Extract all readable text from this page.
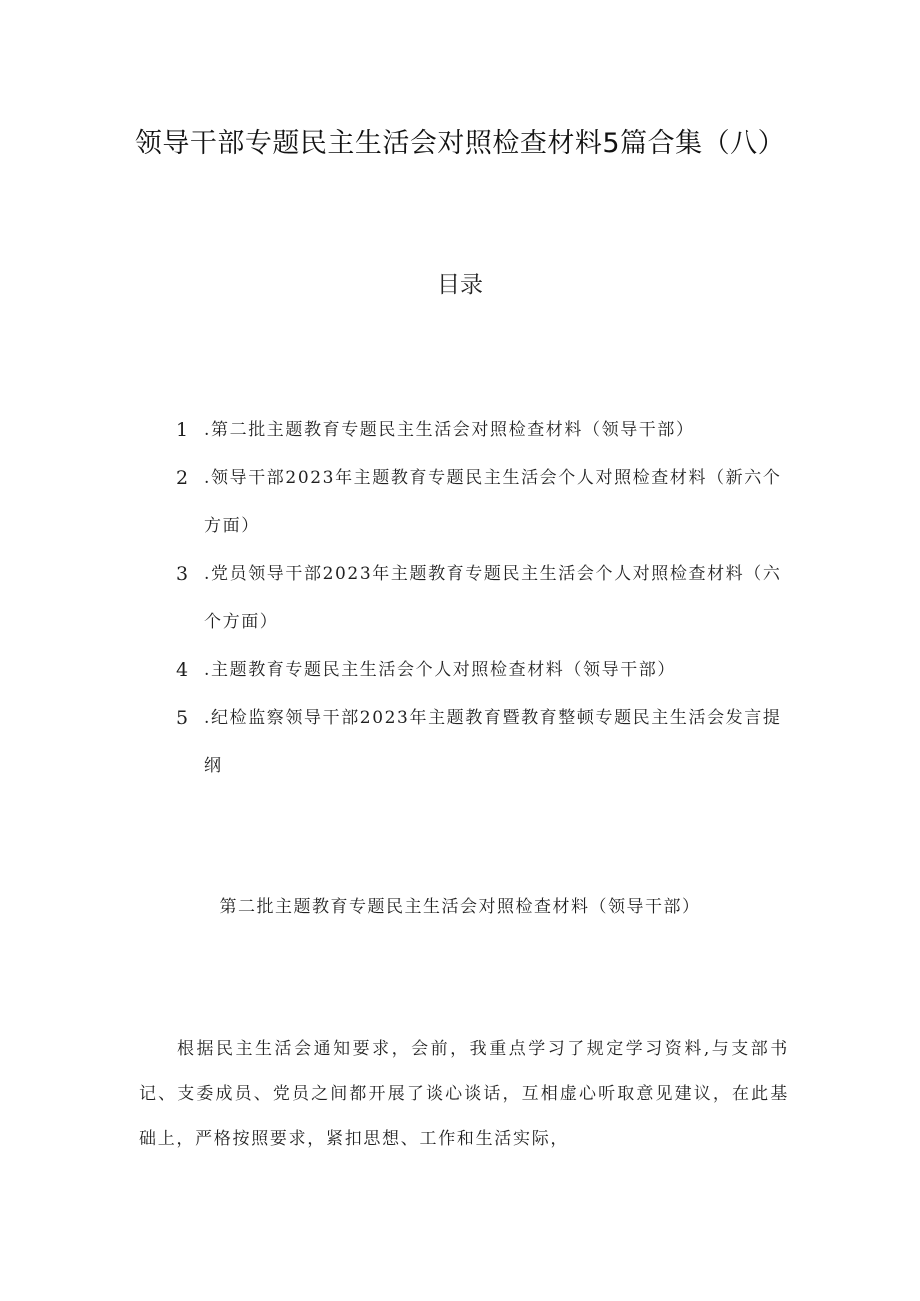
领导干部专题民主生活会对照检查材料5篇合集（八）
目录
1 .第二批主题教育专题民主生活会对照检查材料（领导干部）
2 .领导干部2023年主题教育专题民主生活会个人对照检查材料（新六个方面）
3 .党员领导干部2023年主题教育专题民主生活会个人对照检查材料（六个方面）
4 .主题教育专题民主生活会个人对照检查材料（领导干部）
5 .纪检监察领导干部2023年主题教育暨教育整顿专题民主生活会发言提纲
第二批主题教育专题民主生活会对照检查材料（领导干部）

根据民主生活会通知要求，会前，我重点学习了规定学习资料,与支部书记、支委成员、党员之间都开展了谈心谈话，互相虚心听取意见建议，在此基础上，严格按照要求，紧扣思想、工作和生活实际，
